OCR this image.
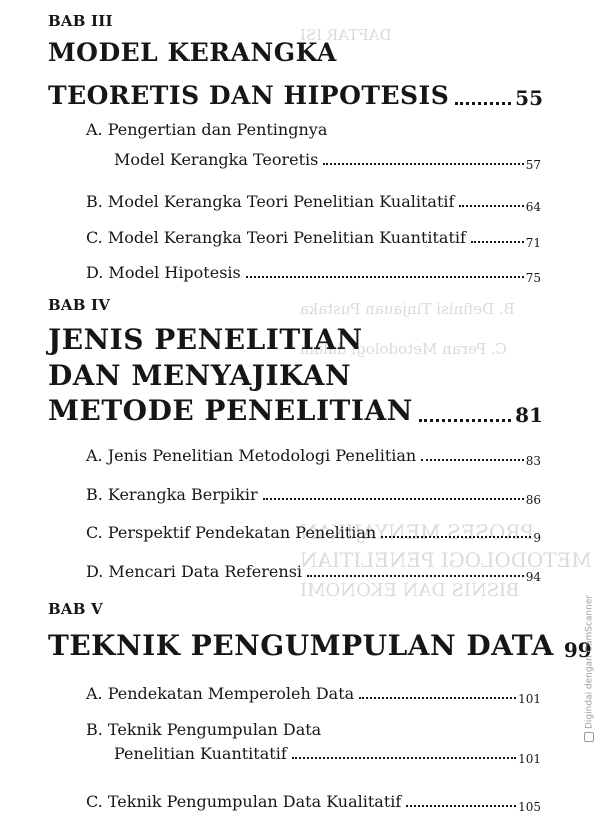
DAFTAR ISI
B. Definisi Tinjauan Pustaka
C. Peran Metodologi dalam
PROSES MENYAJIKAN
METODOLOGI PENELITIAN
BISNIS DAN EKONOMI
BAB III
MODEL KERANGKA
TEORETIS DAN HIPOTESIS	55
A. Pengertian dan Pentingnya
Model Kerangka Teoretis	57
B. Model Kerangka Teori Penelitian Kualitatif	64
C. Model Kerangka Teori Penelitian Kuantitatif	71
D. Model Hipotesis	75
BAB IV
JENIS PENELITIAN
DAN MENYAJIKAN
METODE PENELITIAN	81
A. Jenis Penelitian Metodologi Penelitian	83
B. Kerangka Berpikir	86
C. Perspektif Pendekatan Penelitian	9
D. Mencari Data Referensi	94
BAB V
TEKNIK PENGUMPULAN DATA 99
A. Pendekatan Memperoleh Data	101
B. Teknik Pengumpulan Data
Penelitian Kuantitatif	101
C. Teknik Pengumpulan Data Kualitatif	105
Digindai dengan CamScanner
